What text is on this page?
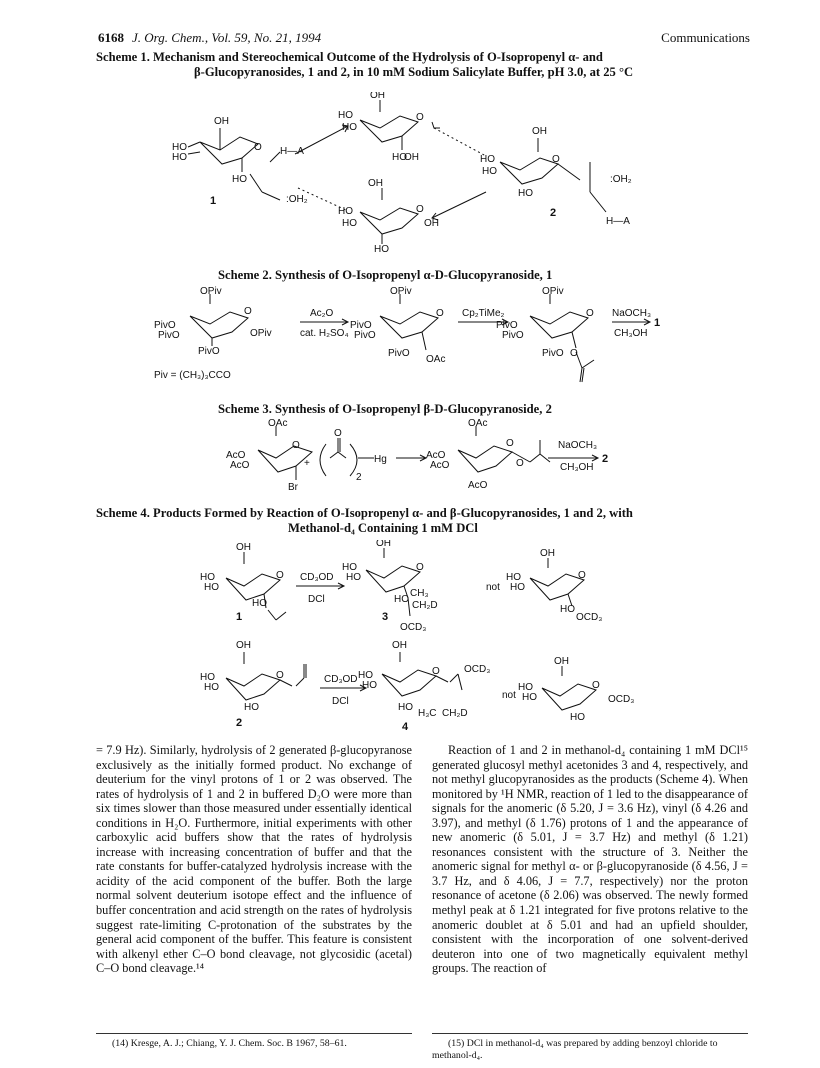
6168 J. Org. Chem., Vol. 59, No. 21, 1994	Communications
Scheme 1. Mechanism and Stereochemical Outcome of the Hydrolysis of O-Isopropenyl α- and
β-Glucopyranosides, 1 and 2, in 10 mM Sodium Salicylate Buffer, pH 3.0, at 25 °C
OH
HO
HO
HO
O H—A
1	:OH₂
OH
HO
HO
HO
O
OH
OH
HO
HO
O
OH
HO
OH
HO
HO
O
HO
:OH₂
2
H—A
Scheme 2. Synthesis of O-Isopropenyl α-D-Glucopyranoside, 1
OPiv
PivO
PivO
O
OPiv
PivO
Ac₂O
cat. H₂SO₄
OPiv
PivO
PivO
O
PivO
OAc
Cp₂TiMe₂
OPiv
PivO
PivO
O
PivO O
NaOCH₃
CH₃OH
1
Piv = (CH₃)₃CCO
Scheme 3. Synthesis of O-Isopropenyl β-D-Glucopyranoside, 2
OAc
AcO
AcO
O
+
Br
O
2
Hg
OAc
AcO
AcO
O
AcO
O
NaOCH₃
CH₃OH
2
Scheme 4. Products Formed by Reaction of O-Isopropenyl α- and β-Glucopyranosides, 1 and 2, with
Methanol-d₄ Containing 1 mM DCl
OH
HO
HO
O
HO
1
CD₃OD
DCl
OH
HO
HO
O
HO
CH₃
CH₂D
OCD₃
3
not
OH
HO
HO
O
HO
OCD₃
OH
HO
HO
O
HO
2
CD₃OD
DCl
OH
HO
HO
O
HO
OCD₃
H₃C CH₂D
4
not
OH
HO
HO
O
OCD₃
HO

= 7.9 Hz). Similarly, hydrolysis of 2 generated β-glucopyranose exclusively as the initially formed product. No exchange of deuterium for the vinyl protons of 1 or 2 was observed. The rates of hydrolysis of 1 and 2 in buffered D₂O were more than six times slower than those measured under essentially identical conditions in H₂O. Furthermore, initial experiments with other carboxylic acid buffers show that the rates of hydrolysis increase with increasing concentration of buffer and that the rate constants for buffer-catalyzed hydrolysis increase with the acidity of the acid component of the buffer. Both the large normal solvent deuterium isotope effect and the influence of buffer concentration and acid strength on the rates of hydrolysis suggest rate-limiting C-protonation of the substrates by the general acid component of the buffer. This feature is consistent with alkenyl ether C–O bond cleavage, not glycosidic (acetal) C–O bond cleavage.¹⁴

Reaction of 1 and 2 in methanol-d₄ containing 1 mM DCl¹⁵ generated glucosyl methyl acetonides 3 and 4, respectively, and not methyl glucopyranosides as the products (Scheme 4). When monitored by ¹H NMR, reaction of 1 led to the disappearance of signals for the anomeric (δ 5.20, J = 3.6 Hz), vinyl (δ 4.26 and 3.97), and methyl (δ 1.76) protons of 1 and the appearance of new anomeric (δ 5.01, J = 3.7 Hz) and methyl (δ 1.21) resonances consistent with the structure of 3. Neither the anomeric signal for methyl α- or β-glucopyranoside (δ 4.56, J = 3.7 Hz, and δ 4.06, J = 7.7, respectively) nor the proton resonance of acetone (δ 2.06) was observed. The newly formed methyl peak at δ 1.21 integrated for five protons relative to the anomeric doublet at δ 5.01 and had an upfield shoulder, consistent with the incorporation of one solvent-derived deuteron into one of two magnetically equivalent methyl groups. The reaction of

(14) Kresge, A. J.; Chiang, Y. J. Chem. Soc. B 1967, 58–61.	(15) DCl in methanol-d₄ was prepared by adding benzoyl chloride to methanol-d₄.
